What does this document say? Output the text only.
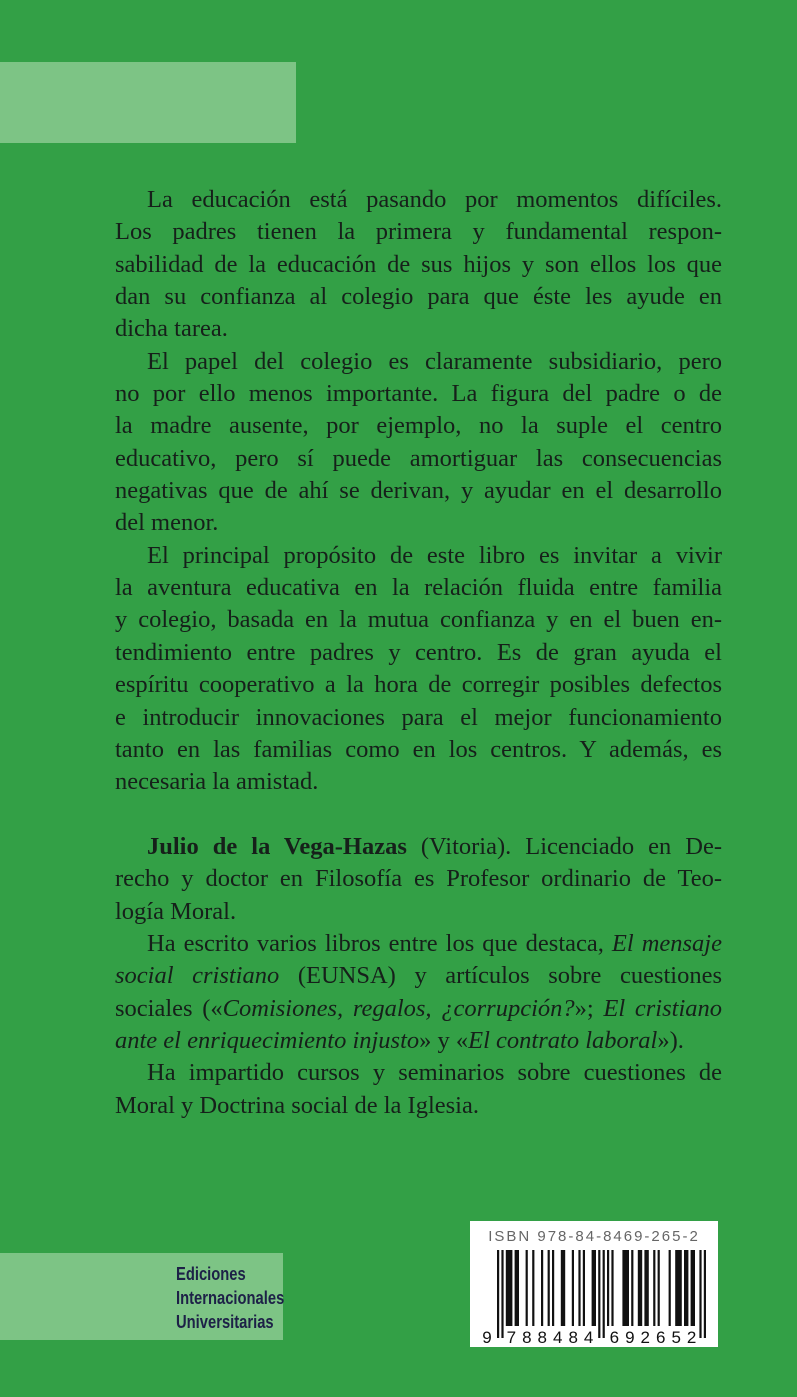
La educación está pasando por momentos difíciles.
Los padres tienen la primera y fundamental respon-
sabilidad de la educación de sus hijos y son ellos los que
dan su confianza al colegio para que éste les ayude en
dicha tarea.
El papel del colegio es claramente subsidiario, pero
no por ello menos importante. La figura del padre o de
la madre ausente, por ejemplo, no la suple el centro
educativo, pero sí puede amortiguar las consecuencias
negativas que de ahí se derivan, y ayudar en el desarrollo
del menor.
El principal propósito de este libro es invitar a vivir
la aventura educativa en la relación fluida entre familia
y colegio, basada en la mutua confianza y en el buen en-
tendimiento entre padres y centro. Es de gran ayuda el
espíritu cooperativo a la hora de corregir posibles defectos
e introducir innovaciones para el mejor funcionamiento
tanto en las familias como en los centros. Y además, es
necesaria la amistad.
Julio de la Vega-Hazas (Vitoria). Licenciado en De-
recho y doctor en Filosofía es Profesor ordinario de Teo-
logía Moral.
Ha escrito varios libros entre los que destaca, El mensaje
social cristiano (EUNSA) y artículos sobre cuestiones
sociales («Comisiones, regalos, ¿corrupción?»; El cristiano
ante el enriquecimiento injusto» y «El contrato laboral»).
Ha impartido cursos y seminarios sobre cuestiones de
Moral y Doctrina social de la Iglesia.
Ediciones
Internacionales
Universitarias
ISBN 978-84-8469-265-2
9 788484 692652
